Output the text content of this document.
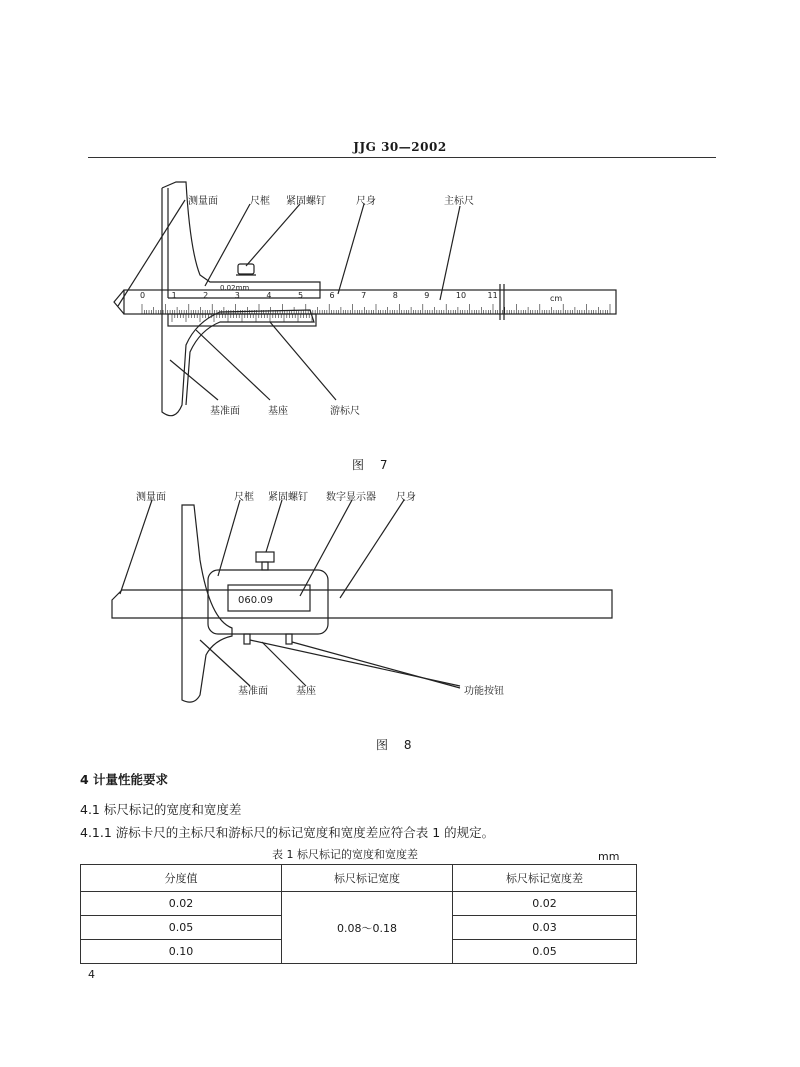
JJG 30—2002
0	1	2	3	4	5	6	7	8	9	10	11
0.02mm
cm
测量面	尺框 紧固螺钉	尺身	主标尺
基准面	基座	游标尺
图 7
060.09
测量面	尺框 紧固螺钉 数字显示器 尺身
基准面	基座	功能按钮
图 8
4 计量性能要求
4.1 标尺标记的宽度和宽度差
4.1.1 游标卡尺的主标尺和游标尺的标记宽度和宽度差应符合表 1 的规定。
表 1 标尺标记的宽度和宽度差	mm
分度值	标尺标记宽度	标尺标记宽度差
0.02	0.08～0.18	0.02
0.05		0.03
0.10		0.05
4
